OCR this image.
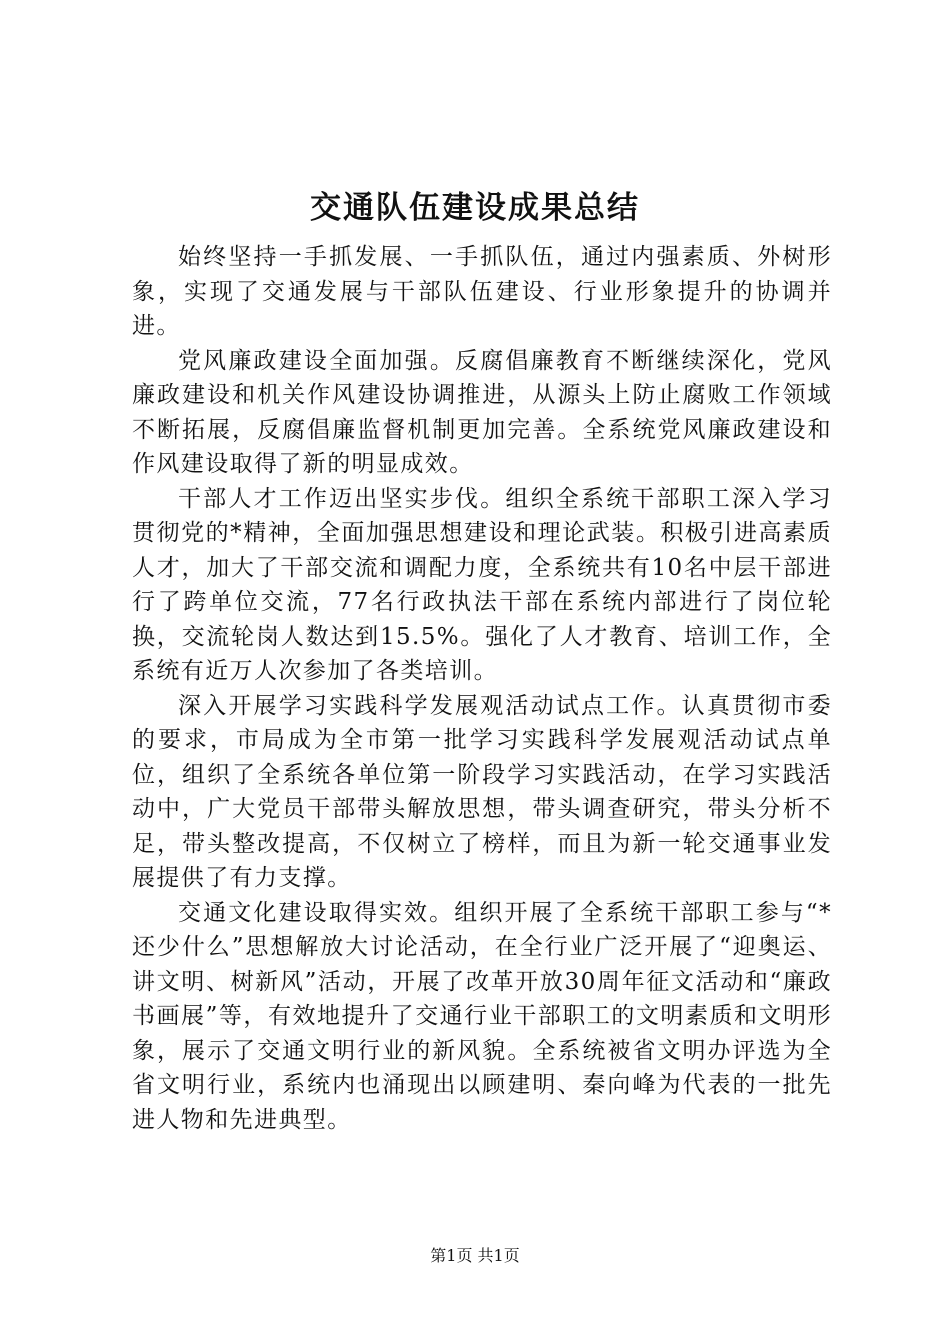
交通队伍建设成果总结

始终坚持一手抓发展、一手抓队伍，通过内强素质、外树形象，实现了交通发展与干部队伍建设、行业形象提升的协调并进。

党风廉政建设全面加强。反腐倡廉教育不断继续深化，党风廉政建设和机关作风建设协调推进，从源头上防止腐败工作领域不断拓展，反腐倡廉监督机制更加完善。全系统党风廉政建设和作风建设取得了新的明显成效。

干部人才工作迈出坚实步伐。组织全系统干部职工深入学习贯彻党的*精神，全面加强思想建设和理论武装。积极引进高素质人才，加大了干部交流和调配力度，全系统共有10名中层干部进行了跨单位交流，77名行政执法干部在系统内部进行了岗位轮换，交流轮岗人数达到15.5%。强化了人才教育、培训工作，全系统有近万人次参加了各类培训。

深入开展学习实践科学发展观活动试点工作。认真贯彻市委的要求，市局成为全市第一批学习实践科学发展观活动试点单位，组织了全系统各单位第一阶段学习实践活动，在学习实践活动中，广大党员干部带头解放思想，带头调查研究，带头分析不足，带头整改提高，不仅树立了榜样，而且为新一轮交通事业发展提供了有力支撑。

交通文化建设取得实效。组织开展了全系统干部职工参与“*还少什么”思想解放大讨论活动，在全行业广泛开展了“迎奥运、讲文明、树新风”活动，开展了改革开放30周年征文活动和“廉政书画展”等，有效地提升了交通行业干部职工的文明素质和文明形象，展示了交通文明行业的新风貌。全系统被省文明办评选为全省文明行业，系统内也涌现出以顾建明、秦向峰为代表的一批先进人物和先进典型。

第1页 共1页
